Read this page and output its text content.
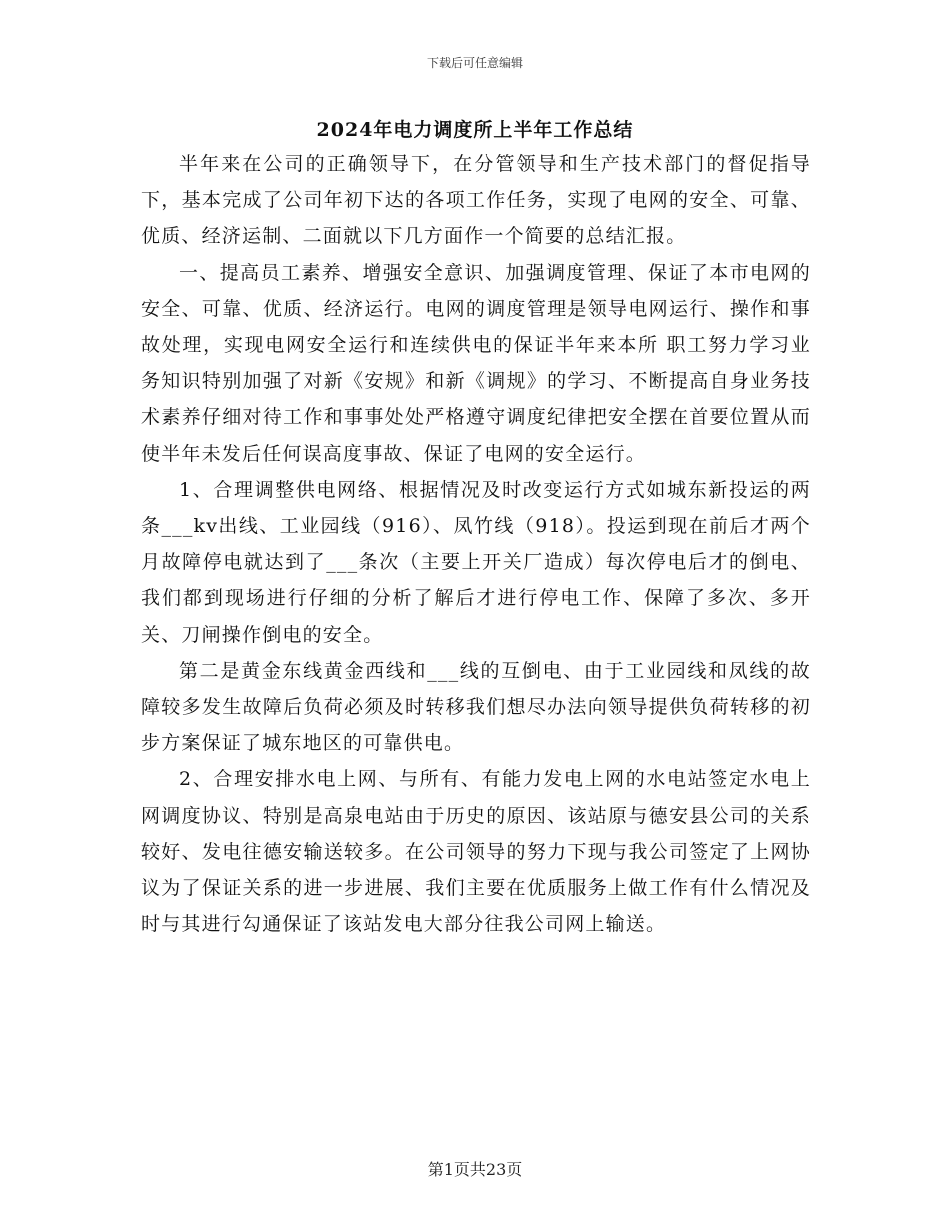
下载后可任意编辑
2024年电力调度所上半年工作总结

半年来在公司的正确领导下，在分管领导和生产技术部门的督促指导下，基本完成了公司年初下达的各项工作任务，实现了电网的安全、可靠、优质、经济运制、二面就以下几方面作一个简要的总结汇报。

一、提高员工素养、增强安全意识、加强调度管理、保证了本市电网的安全、可靠、优质、经济运行。电网的调度管理是领导电网运行、操作和事故处理，实现电网安全运行和连续供电的保证半年来本所 职工努力学习业务知识特别加强了对新《安规》和新《调规》的学习、不断提高自身业务技术素养仔细对待工作和事事处处严格遵守调度纪律把安全摆在首要位置从而使半年未发后任何误高度事故、保证了电网的安全运行。

1、合理调整供电网络、根据情况及时改变运行方式如城东新投运的两条___kv出线、工业园线（916）、凤竹线（918）。投运到现在前后才两个月故障停电就达到了___条次（主要上开关厂造成）每次停电后才的倒电、我们都到现场进行仔细的分析了解后才进行停电工作、保障了多次、多开关、刀闸操作倒电的安全。

第二是黄金东线黄金西线和___线的互倒电、由于工业园线和凤线的故障较多发生故障后负荷必须及时转移我们想尽办法向领导提供负荷转移的初步方案保证了城东地区的可靠供电。

2、合理安排水电上网、与所有、有能力发电上网的水电站签定水电上网调度协议、特别是高泉电站由于历史的原因、该站原与德安县公司的关系较好、发电往德安输送较多。在公司领导的努力下现与我公司签定了上网协议为了保证关系的进一步进展、我们主要在优质服务上做工作有什么情况及时与其进行勾通保证了该站发电大部分往我公司网上输送。

第1页共23页
